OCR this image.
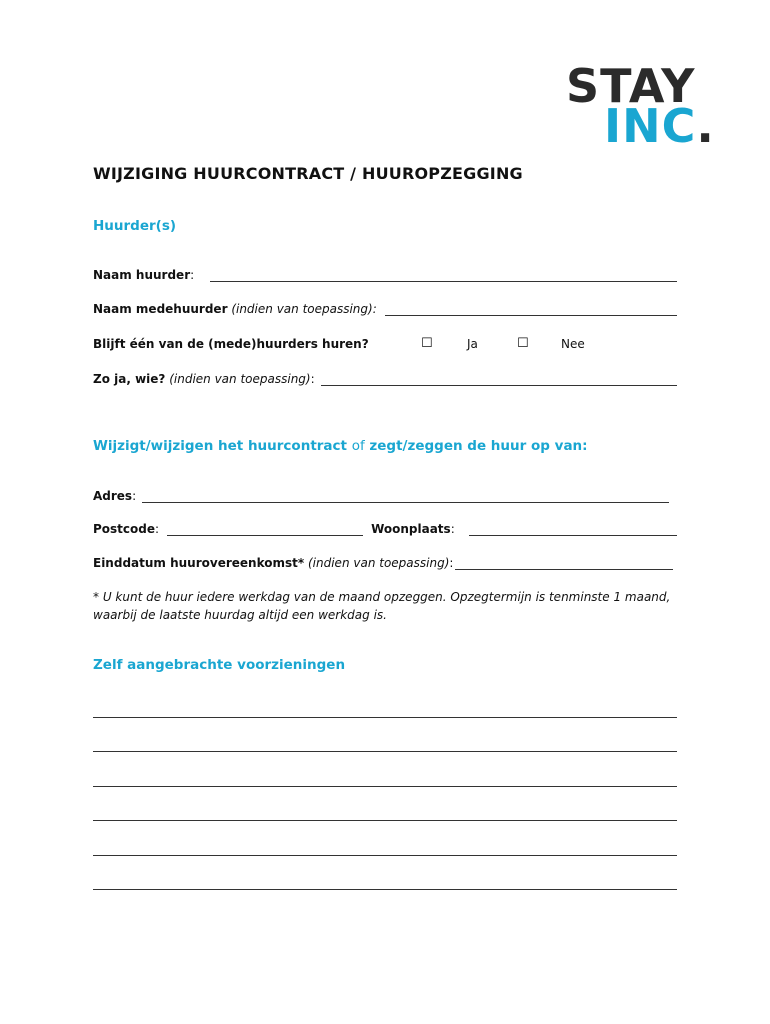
STAY
INC.
WIJZIGING HUURCONTRACT / HUUROPZEGGING
Huurder(s)
Naam huurder :
Naam medehuurder
(indien van toepassing):
Blijft één van de (mede)huurders huren?	☐	Ja	☐	Nee
Zo ja, wie?
(indien van toepassing) :
Wijzigt/wijzigen het huurcontract of zegt/zeggen de huur op van:
Adres :
Postcode :	Woonplaats :
Einddatum huurovereenkomst*
(indien van toepassing) :
* U kunt de huur iedere werkdag van de maand opzeggen. Opzegtermijn is tenminste 1 maand, waarbij de laatste huurdag altijd een werkdag is.
Zelf aangebrachte voorzieningen
